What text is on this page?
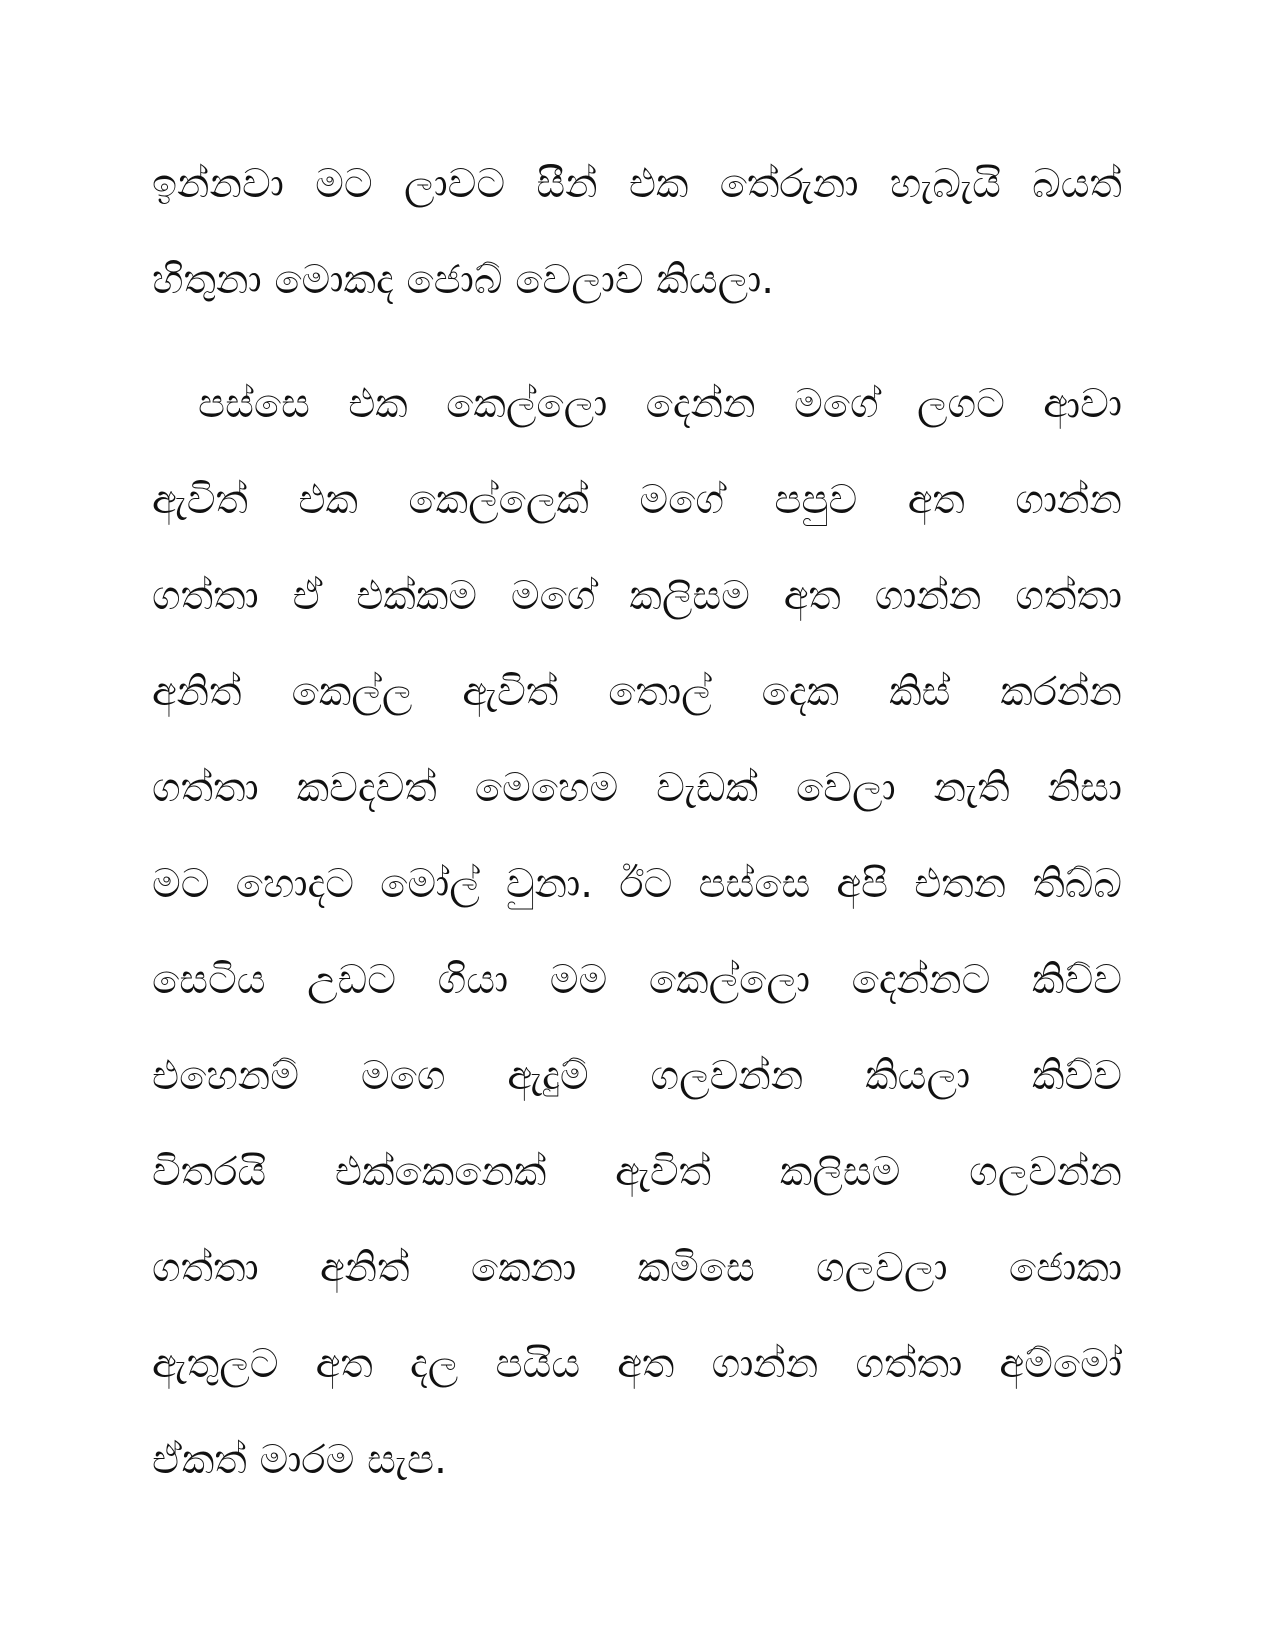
ඉන්නවා මට ලාවට සීන් එක තේරුනා හැබැයි බයත්
හිතුනා මොකද ජොබ් වෙලාව කියලා.
පස්සෙ එක කෙල්ලො දෙන්න මගේ ලගට ආවා
ඇවිත් එක කෙල්ලෙක් මගේ පපුව අත ගාන්න
ගත්තා ඒ එක්කම මගේ කලිසම අත ගාන්න ගත්තා
අනිත් කෙල්ල ඇවිත් තොල් දෙක කිස් කරන්න
ගත්තා කවදවත් මෙහෙම වැඩක් වෙලා නැති නිසා
මට හොදට මෝල් වුනා. ඊට පස්සෙ අපි එතන තිබ්බ
සෙටිය උඩට ගියා මම කෙල්ලො දෙන්නට කිව්ව
එහෙනම් මගෙ ඇදුම් ගලවන්න කියලා කිව්ව
විතරයි එක්කෙනෙක් ඇවිත් කලිසම ගලවන්න
ගත්තා අනිත් කෙනා කමිසෙ ගලවලා ජොකා
ඇතුලට අත දල පයිය අත ගාන්න ගත්තා අම්මෝ
ඒකත් මාරම සැප.
